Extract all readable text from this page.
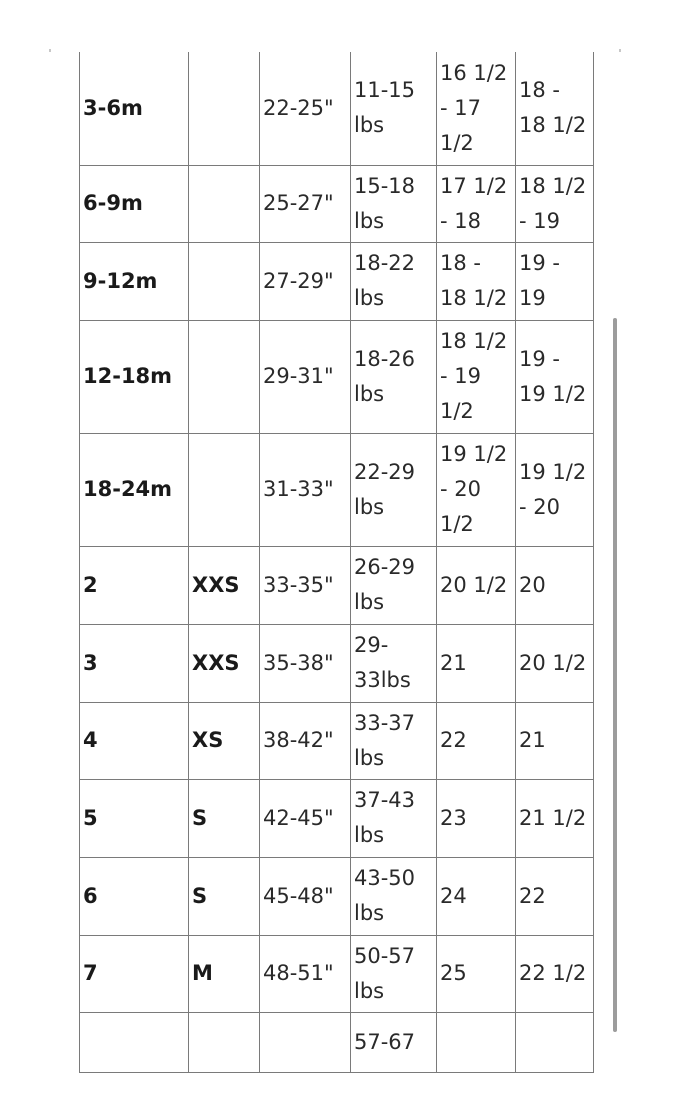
3-6m		22-25"	11-15 lbs	16 1/2 - 17 1/2	18 - 18 1/2
6-9m		25-27"	15-18 lbs	17 1/2 - 18	18 1/2 - 19
9-12m		27-29"	18-22 lbs	18 - 18 1/2	19 - 19
12-18m		29-31"	18-26 lbs	18 1/2 - 19 1/2	19 - 19 1/2
18-24m		31-33"	22-29 lbs	19 1/2 - 20 1/2	19 1/2 - 20
2	XXS	33-35"	26-29 lbs	20 1/2	20
3	XXS	35-38"	29- 33lbs	21	20 1/2
4	XS	38-42"	33-37 lbs	22	21
5	S	42-45"	37-43 lbs	23	21 1/2
6	S	45-48"	43-50 lbs	24	22
7	M	48-51"	50-57 lbs	25	22 1/2
			57-67		
